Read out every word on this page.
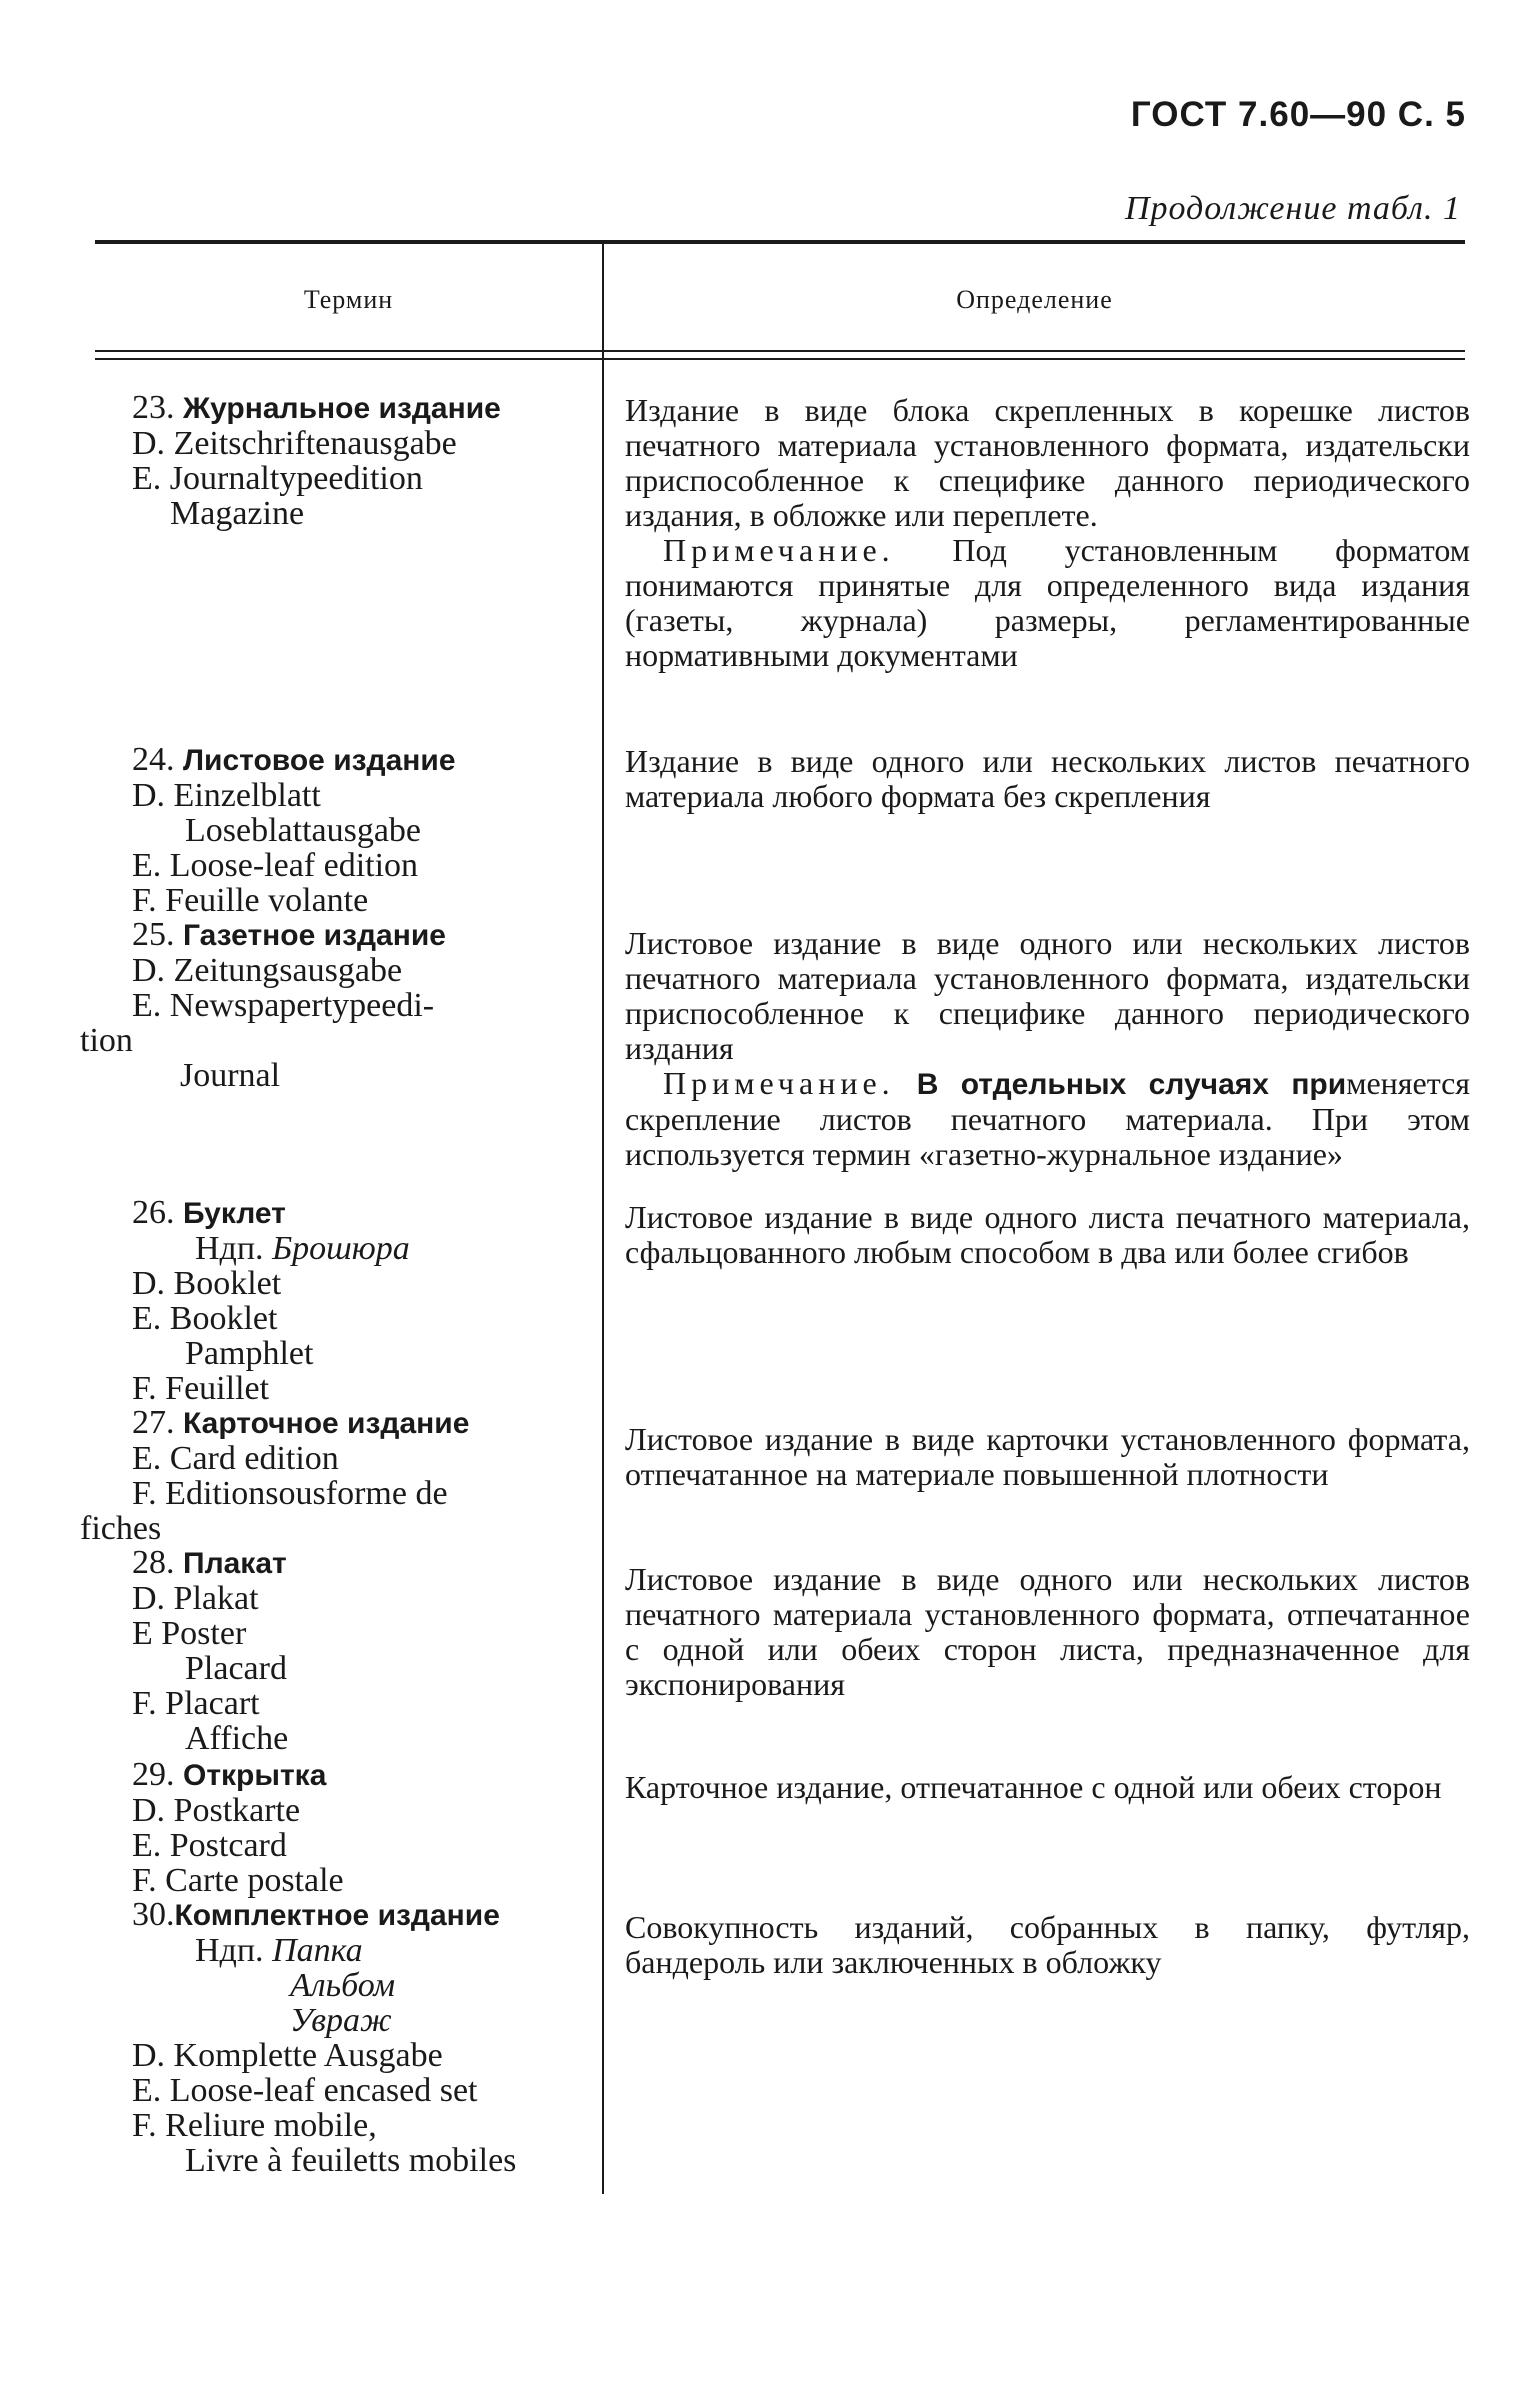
ГОСТ 7.60—90 С. 5
Продолжение табл. 1
Термин	Определение
23. Журнальное издание
D. Zeitschriftenausgabe
E. Journaltypeedition
Magazine

Издание в виде блока скрепленных в корешке листов печатного материала установленного формата, издательски приспособленное к специфике данного периодического издания, в обложке или переплете.

Примечание. Под установленным форматом понимаются принятые для определенного вида издания (газеты, журнала) размеры, регламентированные нормативными документами

24. Листовое издание
D. Einzelblatt
Loseblattausgabe
E. Loose-leaf edition
F. Feuille volante

Издание в виде одного или нескольких листов печатного материала любого формата без скрепления

25. Газетное издание
D. Zeitungsausgabe
E. Newspapertypeedi-
tion
Journal

Листовое издание в виде одного или нескольких листов печатного материала установленного формата, издательски приспособленное к специфике данного периодического издания

Примечание. В отдельных случаях применяется скрепление листов печатного материала. При этом используется термин «газетно-журнальное издание»

26. Буклет
Ндп. Брошюра
D. Booklet
E. Booklet
Pamphlet
F. Feuillet

Листовое издание в виде одного листа печатного материала, сфальцованного любым способом в два или более сгибов

27. Карточное издание
E. Card edition
F. Editionsousforme de
fiches

Листовое издание в виде карточки установленного формата, отпечатанное на материале повышенной плотности

28. Плакат
D. Plakat
E Poster
Placard
F. Placart
Affiche

Листовое издание в виде одного или нескольких листов печатного материала установленного формата, отпечатанное с одной или обеих сторон листа, предназначенное для экспонирования

29. Открытка
D. Postkarte
E. Postcard
F. Carte postale

Карточное издание, отпечатанное с одной или обеих сторон

30.Комплектное издание
Ндп. Папка
Альбом
Увраж
D. Komplette Ausgabe
E. Loose-leaf encased set
F. Reliure mobile,
Livre à feuiletts mobiles

Совокупность изданий, собранных в папку, футляр, бандероль или заключенных в обложку
